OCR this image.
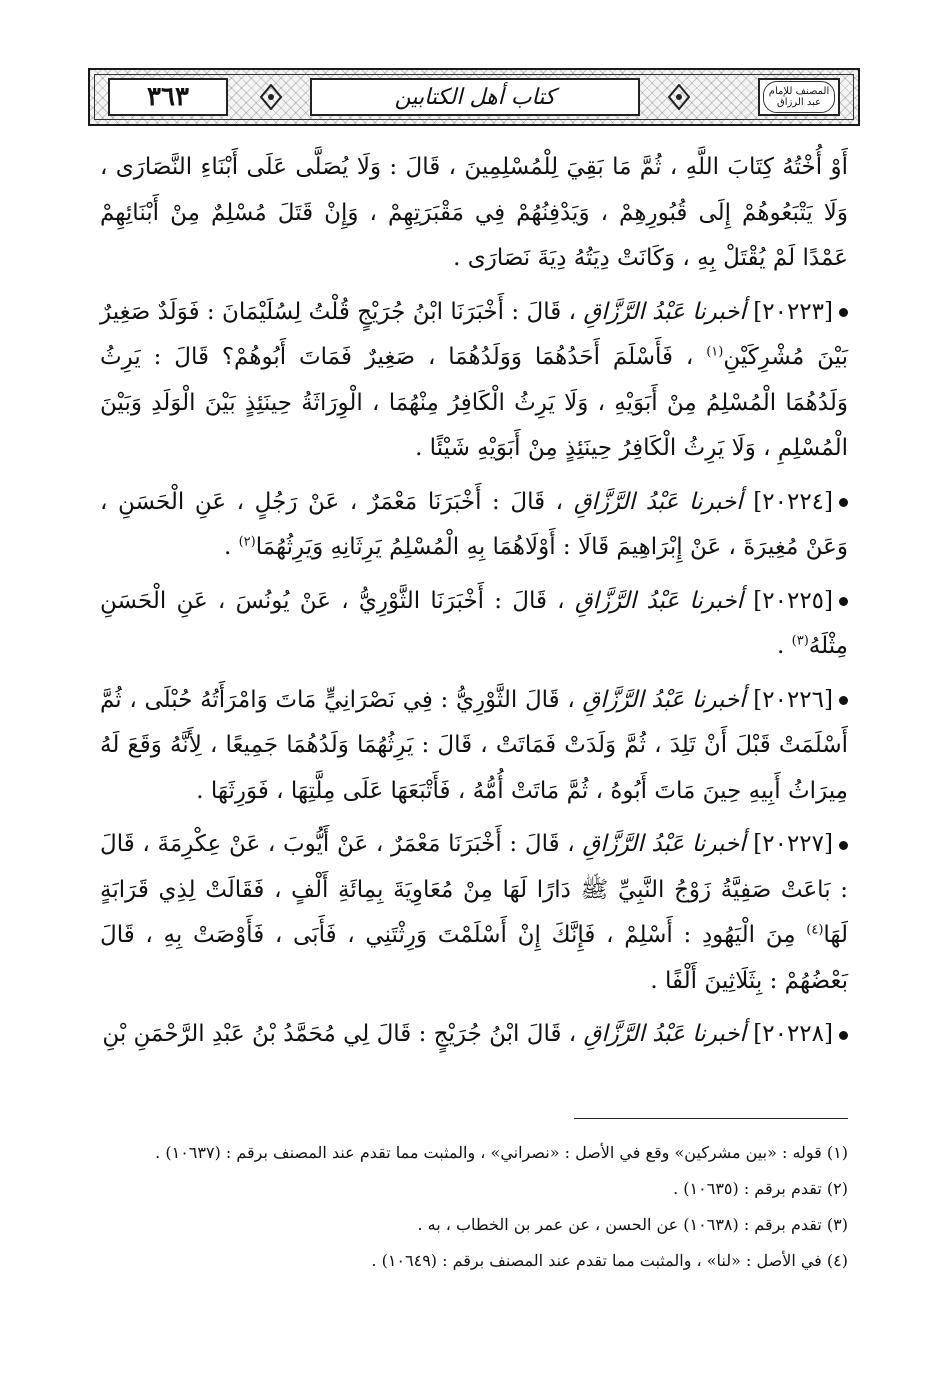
٣٦٣	كتاب أهل الكتابين	المصنف للإمام عبد الرزاق

أَوْ أُخْتُهُ كِتَابَ اللَّهِ ، ثُمَّ مَا بَقِيَ لِلْمُسْلِمِينَ ، قَالَ : وَلَا يُصَلَّى عَلَى أَبْنَاءِ النَّصَارَى ، وَلَا يَتْبَعُوهُمْ إِلَى قُبُورِهِمْ ، وَيَدْفِنُهُمْ فِي مَقْبَرَتِهِمْ ، وَإِنْ قَتَلَ مُسْلِمٌ مِنْ أَبْنَائِهِمْ عَمْدًا لَمْ يُقْتَلْ بِهِ ، وَكَانَتْ دِيَتُهُ دِيَةَ نَصَارَى .

[٢٠٢٢٣] أخبرنا عَبْدُ الرَّزَّاقِ ، قَالَ : أَخْبَرَنَا ابْنُ جُرَيْجٍ قُلْتُ لِسُلَيْمَانَ : فَوَلَدٌ صَغِيرٌ بَيْنَ مُشْرِكَيْنِ$^{(١)}$ ، فَأَسْلَمَ أَحَدُهُمَا وَوَلَدُهُمَا ، صَغِيرٌ فَمَاتَ أَبُوهُمْ؟ قَالَ : يَرِثُ وَلَدُهُمَا الْمُسْلِمُ مِنْ أَبَوَيْهِ ، وَلَا يَرِثُ الْكَافِرُ مِنْهُمَا ، الْوِرَاثَةُ حِينَئِذٍ بَيْنَ الْوَلَدِ وَبَيْنَ الْمُسْلِمِ ، وَلَا يَرِثُ الْكَافِرُ حِينَئِذٍ مِنْ أَبَوَيْهِ شَيْئًا .

[٢٠٢٢٤] أخبرنا عَبْدُ الرَّزَّاقِ ، قَالَ : أَخْبَرَنَا مَعْمَرٌ ، عَنْ رَجُلٍ ، عَنِ الْحَسَنِ ، وَعَنْ مُغِيرَةَ ، عَنْ إِبْرَاهِيمَ قَالَا : أَوْلَاهُمَا بِهِ الْمُسْلِمُ يَرِثَانِهِ وَيَرِثُهُمَا$^{(٢)}$ .

[٢٠٢٢٥] أخبرنا عَبْدُ الرَّزَّاقِ ، قَالَ : أَخْبَرَنَا الثَّوْرِيُّ ، عَنْ يُونُسَ ، عَنِ الْحَسَنِ مِثْلَهُ$^{(٣)}$ .

[٢٠٢٢٦] أخبرنا عَبْدُ الرَّزَّاقِ ، قَالَ الثَّوْرِيُّ : فِي نَصْرَانِيٍّ مَاتَ وَامْرَأَتُهُ حُبْلَى ، ثُمَّ أَسْلَمَتْ قَبْلَ أَنْ تَلِدَ ، ثُمَّ وَلَدَتْ فَمَاتَتْ ، قَالَ : يَرِثُهُمَا وَلَدُهُمَا جَمِيعًا ، لِأَنَّهُ وَقَعَ لَهُ مِيرَاثُ أَبِيهِ حِينَ مَاتَ أَبُوهُ ، ثُمَّ مَاتَتْ أُمُّهُ ، فَأَتْبَعَهَا عَلَى مِلَّتِهَا ، فَوَرِثَهَا .

[٢٠٢٢٧] أخبرنا عَبْدُ الرَّزَّاقِ ، قَالَ : أَخْبَرَنَا مَعْمَرٌ ، عَنْ أَيُّوبَ ، عَنْ عِكْرِمَةَ ، قَالَ : بَاعَتْ صَفِيَّةُ زَوْجُ النَّبِيِّ ﷺ دَارًا لَهَا مِنْ مُعَاوِيَةَ بِمِائَةِ أَلْفٍ ، فَقَالَتْ لِذِي قَرَابَةٍ لَهَا$^{(٤)}$ مِنَ الْيَهُودِ : أَسْلِمْ ، فَإِنَّكَ إِنْ أَسْلَمْتَ وَرِثْتَنِي ، فَأَبَى ، فَأَوْصَتْ بِهِ ، قَالَ بَعْضُهُمْ : بِثَلَاثِينَ أَلْفًا .

[٢٠٢٢٨] أخبرنا عَبْدُ الرَّزَّاقِ ، قَالَ ابْنُ جُرَيْجٍ : قَالَ لِي مُحَمَّدُ بْنُ عَبْدِ الرَّحْمَنِ بْنِ

(١) قوله : «بين مشركين» وقع في الأصل : «نصراني» ، والمثبت مما تقدم عند المصنف برقم : (١٠٦٣٧) .

(٢) تقدم برقم : (١٠٦٣٥) .

(٣) تقدم برقم : (١٠٦٣٨) عن الحسن ، عن عمر بن الخطاب ، به .

(٤) في الأصل : «لنا» ، والمثبت مما تقدم عند المصنف برقم : (١٠٦٤٩) .
